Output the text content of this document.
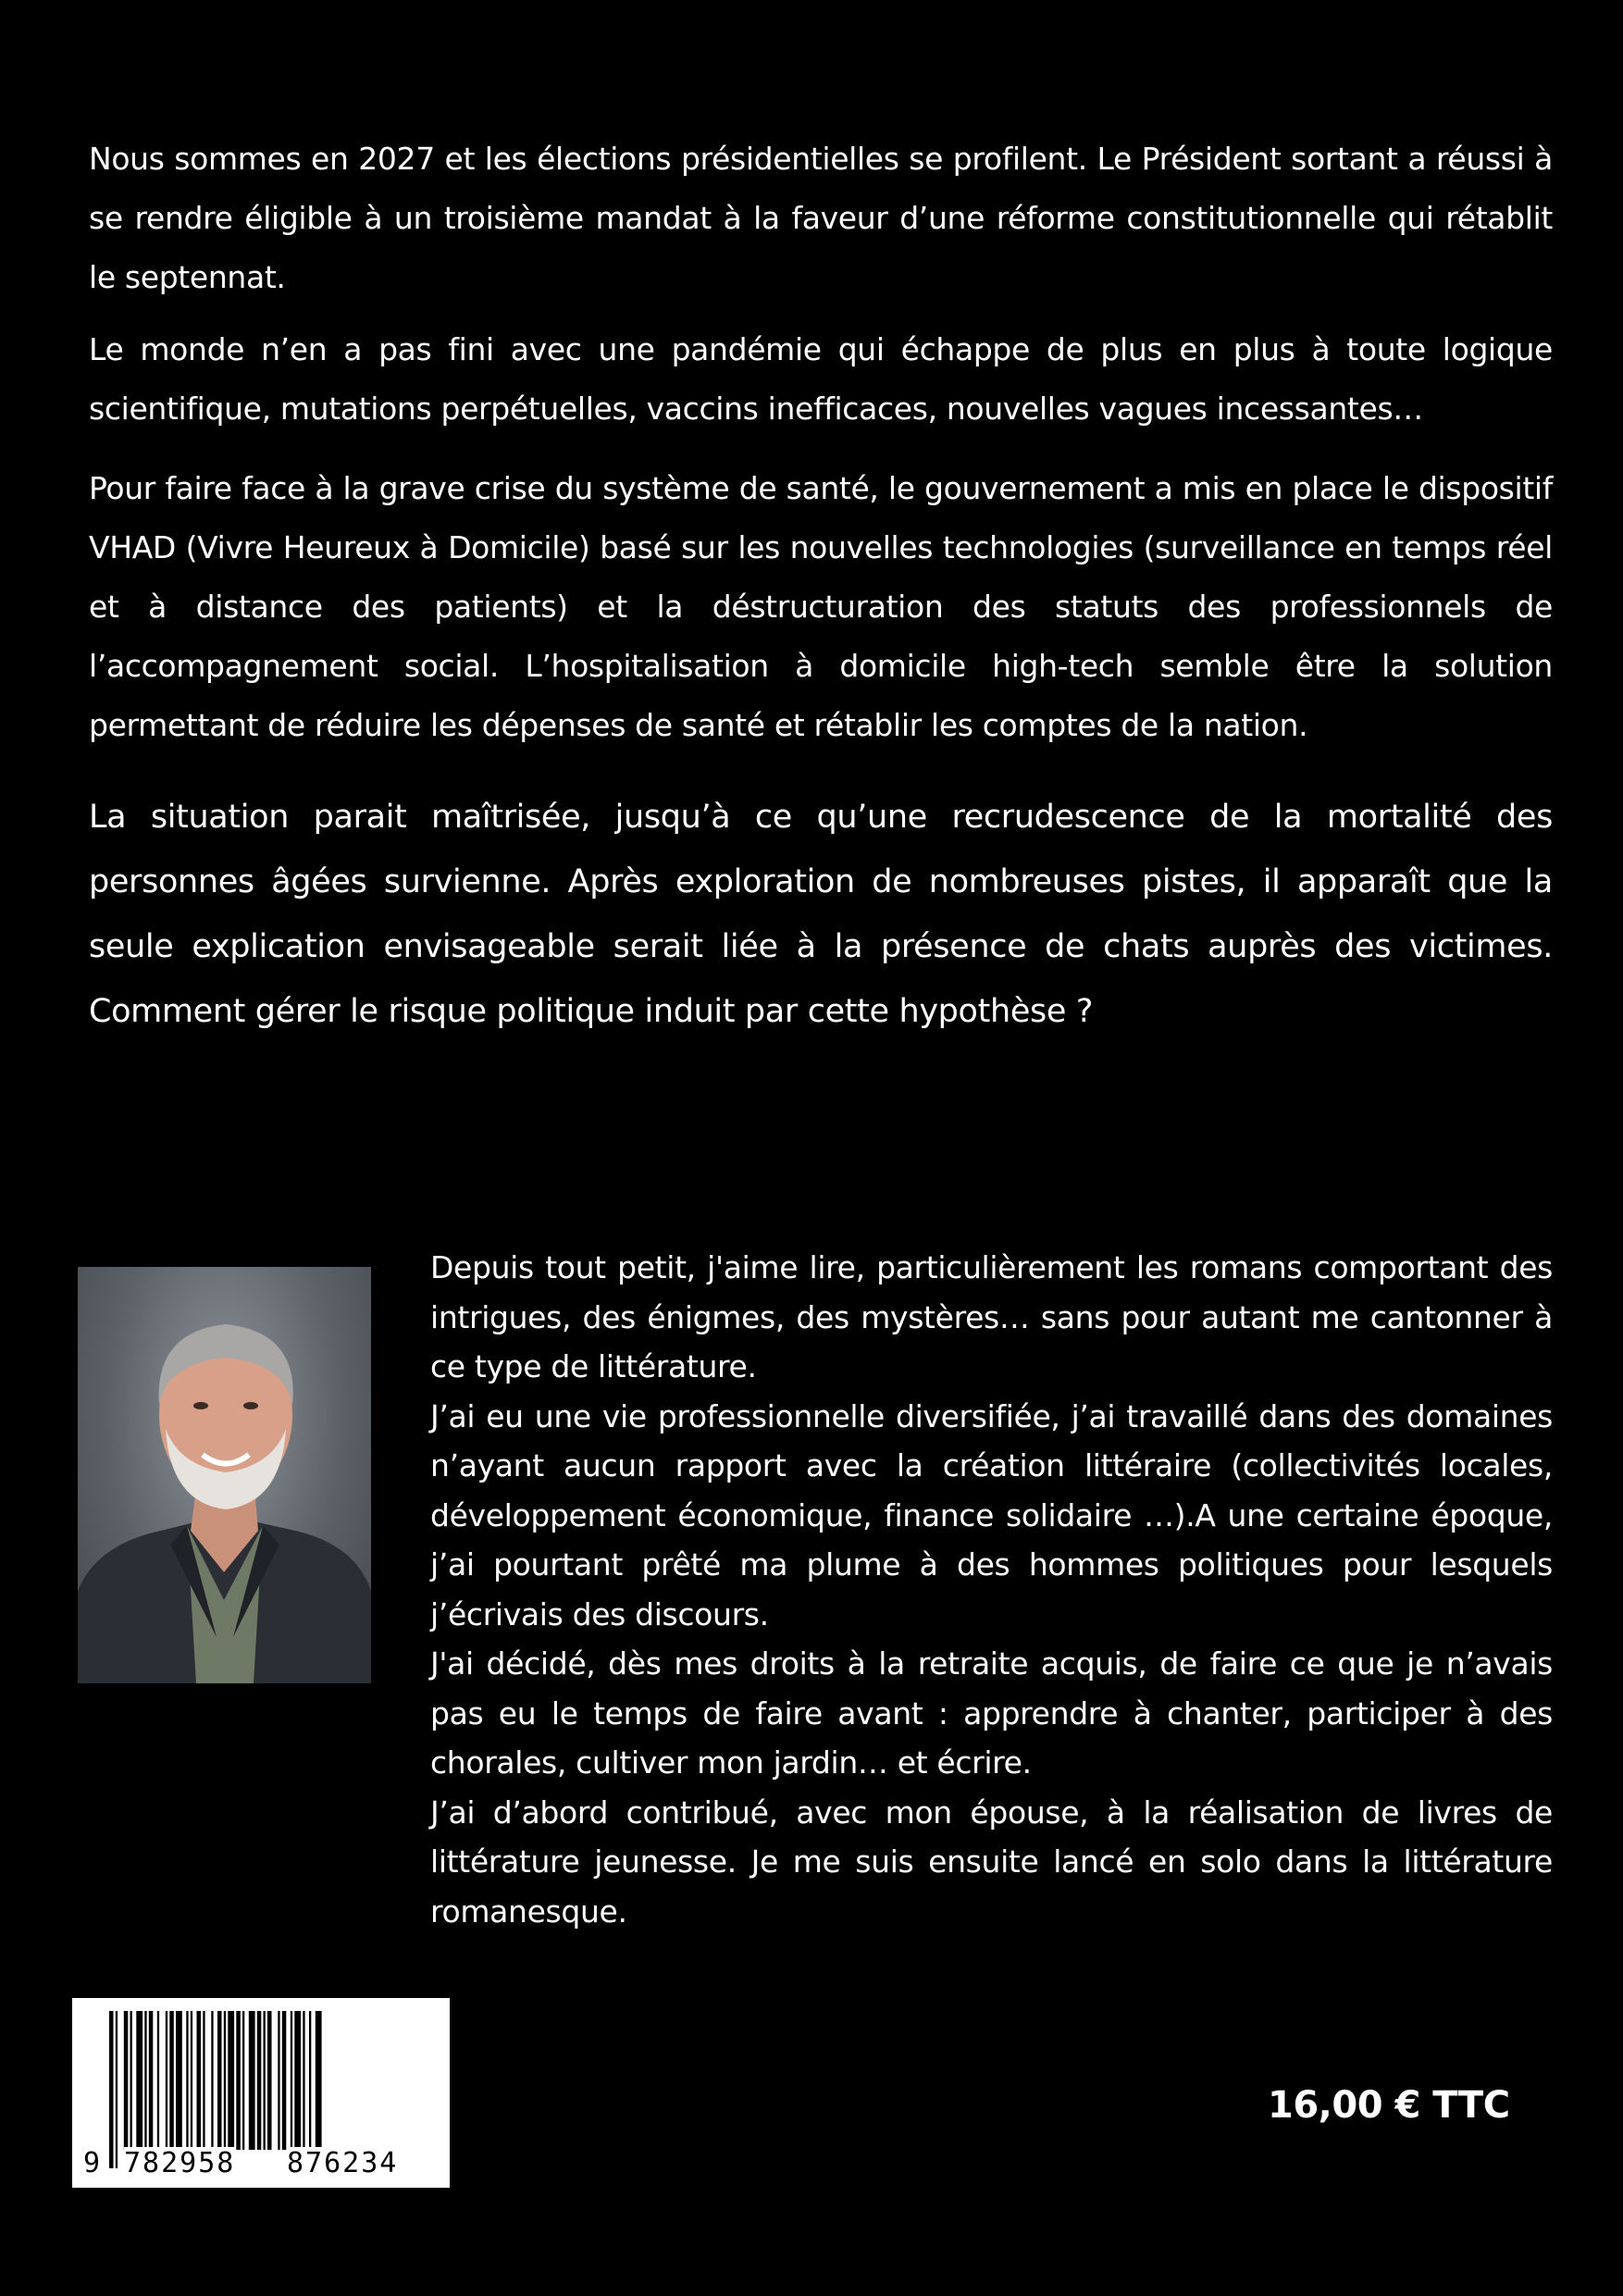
Nous sommes en 2027 et les élections présidentielles se profilent. Le Président sortant a réussi à se rendre éligible à un troisième mandat à la faveur d’une réforme constitutionnelle qui rétablit le septennat.

Le monde n’en a pas fini avec une pandémie qui échappe de plus en plus à toute logique scientifique, mutations perpétuelles, vaccins inefficaces, nouvelles vagues incessantes…

Pour faire face à la grave crise du système de santé, le gouvernement a mis en place le dispositif VHAD (Vivre Heureux à Domicile) basé sur les nouvelles technologies (surveillance en temps réel et à distance des patients) et la déstructuration des statuts des professionnels de l’accompagnement social. L’hospitalisation à domicile high-tech semble être la solution permettant de réduire les dépenses de santé et rétablir les comptes de la nation.

La situation parait maîtrisée, jusqu’à ce qu’une recrudescence de la mortalité des personnes âgées survienne. Après exploration de nombreuses pistes, il apparaît que la seule explication envisageable serait liée à la présence de chats auprès des victimes. Comment gérer le risque politique induit par cette hypothèse ?

Depuis tout petit, j'aime lire, particulièrement les romans comportant des intrigues, des énigmes, des mystères… sans pour autant me cantonner à ce type de littérature.

J’ai eu une vie professionnelle diversifiée, j’ai travaillé dans des domaines n’ayant aucun rapport avec la création littéraire (collectivités locales, développement économique, finance solidaire …).A une certaine époque, j’ai pourtant prêté ma plume à des hommes politiques pour lesquels j’écrivais des discours.

J'ai décidé, dès mes droits à la retraite acquis, de faire ce que je n’avais pas eu le temps de faire avant : apprendre à chanter, participer à des chorales, cultiver mon jardin… et écrire.

J’ai d’abord contribué, avec mon épouse, à la réalisation de livres de littérature jeunesse. Je me suis ensuite lancé en solo dans la littérature romanesque.

9 782958 876234
16,00 € TTC
